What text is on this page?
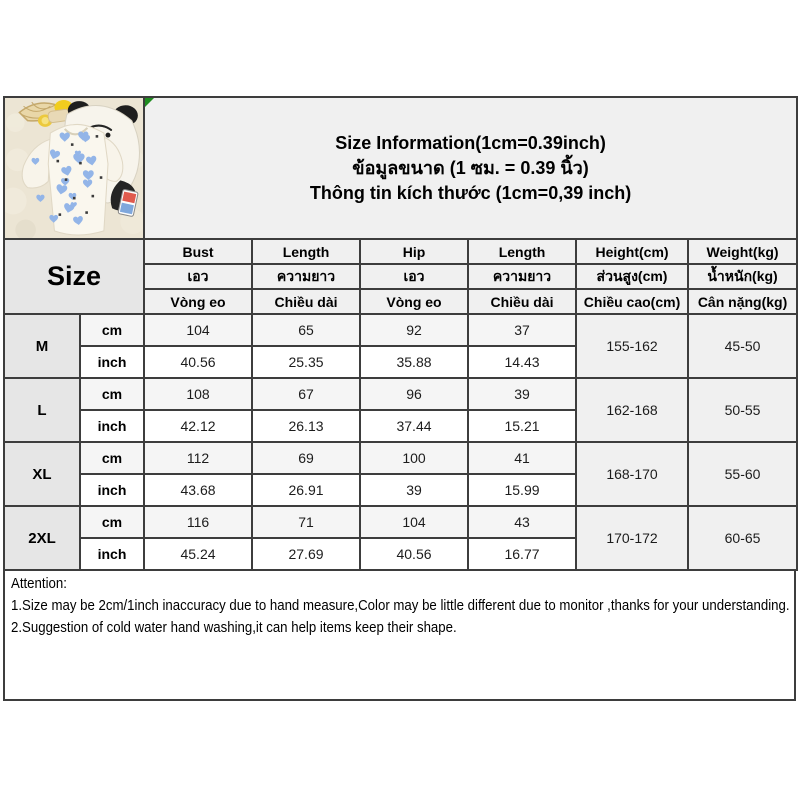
Size Information(1cm=0.39inch)
ข้อมูลขนาด (1 ซม. = 0.39 นิ้ว)
Thông tin kích thước (1cm=0,39 inch)					

Size		Bust	Length	Hip	Length	Height(cm)	Weight(kg)
		เอว	ความยาว	เอว	ความยาว	ส่วนสูง(cm)	น้ำหนัก(kg)
		Vòng eo	Chiều dài	Vòng eo	Chiều dài	Chiều cao(cm)	Cân nặng(kg)
M	cm	104	65	92	37	155-162	45-50
	inch	40.56	25.35	35.88	14.43		
L	cm	108	67	96	39	162-168	50-55
	inch	42.12	26.13	37.44	15.21		
XL	cm	112	69	100	41	168-170	55-60
	inch	43.68	26.91	39	15.99		
2XL	cm	116	71	104	43	170-172	60-65
	inch	45.24	27.69	40.56	16.77		
Attention:
1.Size may be 2cm/1inch inaccuracy due to hand measure,Color may be little different due to monitor ,thanks for your understanding.
2.Suggestion of cold water hand washing,it can help items keep their shape.
